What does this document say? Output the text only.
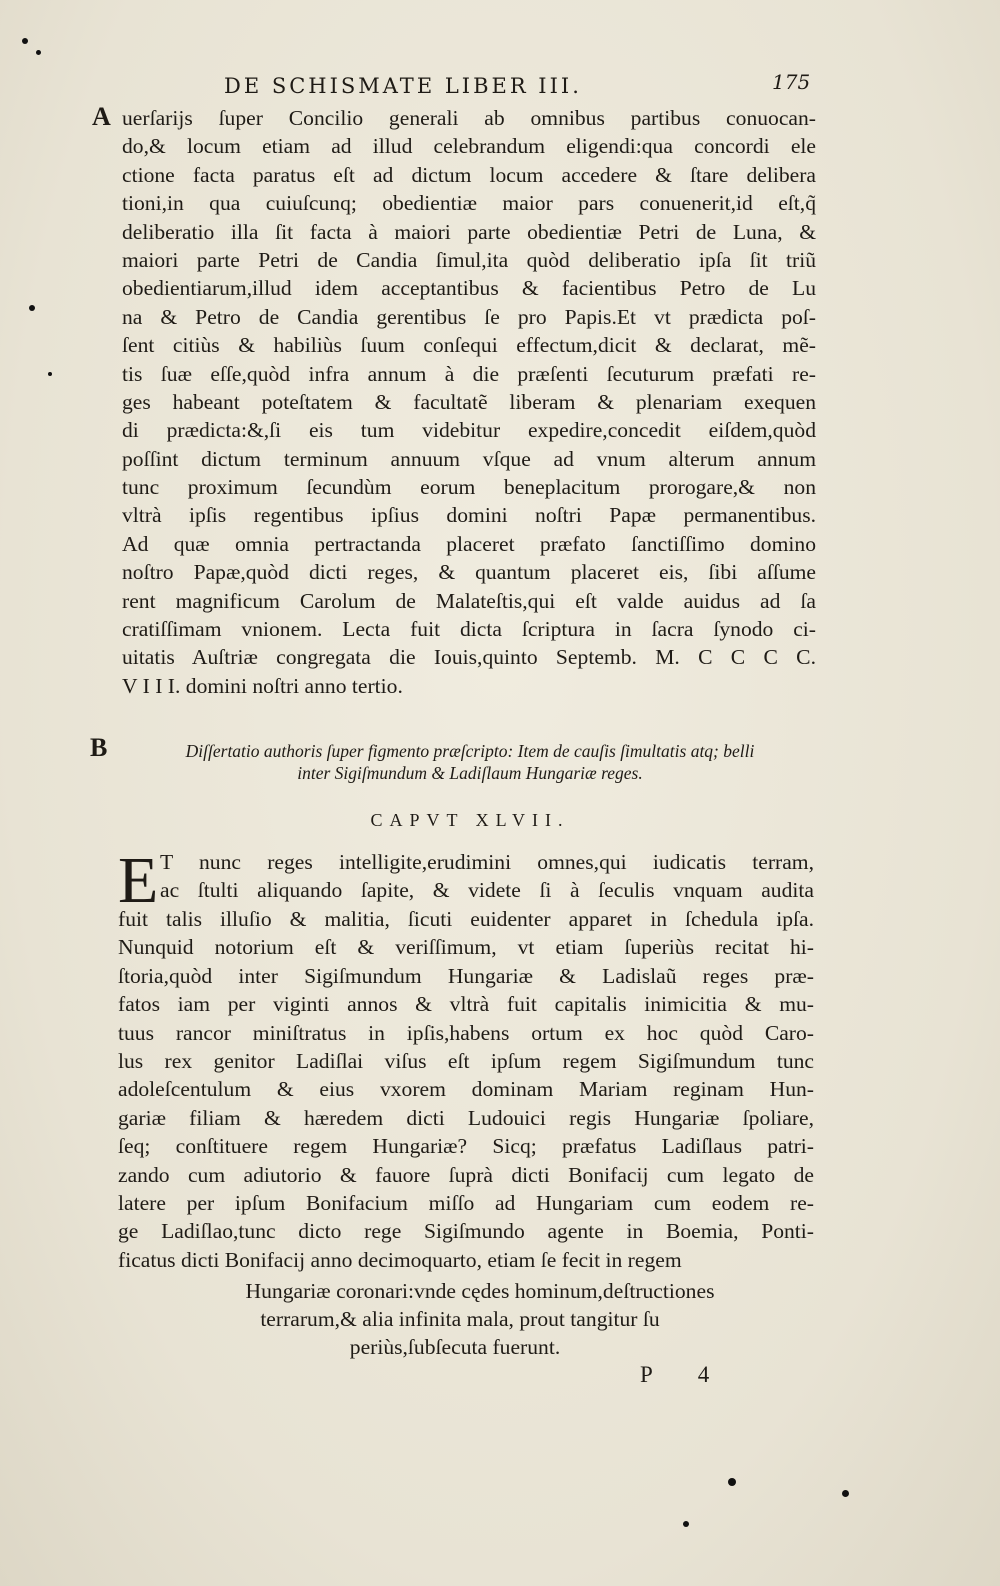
DE SCHISMATE LIBER III.	175
A uerſarijs ſuper Concilio generali ab omnibus partibus conuocan-
do,& locum etiam ad illud celebrandum eligendi:qua concordi ele
ctione facta paratus eſt ad dictum locum accedere & ſtare delibera
tioni,in qua cuiuſcunq; obedientiæ maior pars conuenerit,id eſt,q̃
deliberatio illa ſit facta à maiori parte obedientiæ Petri de Luna, &
maiori parte Petri de Candia ſimul,ita quòd deliberatio ipſa ſit triũ
obedientiarum,illud idem acceptantibus & facientibus Petro de Lu
na & Petro de Candia gerentibus ſe pro Papis.Et vt prædicta poſ-
ſent citiùs & habiliùs ſuum conſequi effectum,dicit & declarat, mẽ-
tis ſuæ eſſe,quòd infra annum à die præſenti ſecuturum præfati re-
ges habeant poteſtatem & facultatẽ liberam & plenariam exequen
di prædicta:&,ſi eis tum videbitur expedire,concedit eiſdem,quòd
poſſint dictum terminum annuum vſque ad vnum alterum annum
tunc proximum ſecundùm eorum beneplacitum prorogare,& non
vltrà ipſis regentibus ipſius domini noſtri Papæ permanentibus.
Ad quæ omnia pertractanda placeret præfato ſanctiſſimo domino
noſtro Papæ,quòd dicti reges, & quantum placeret eis, ſibi aſſume
rent magnificum Carolum de Malateſtis,qui eſt valde auidus ad ſa
cratiſſimam vnionem. Lecta fuit dicta ſcriptura in ſacra ſynodo ci-
uitatis Auſtriæ congregata die Iouis,quinto Septemb. M. C C C C.
V I I I. domini noſtri anno tertio.
B	Diſſertatio authoris ſuper figmento præſcripto: Item de cauſis ſimultatis atq; belli
inter Sigiſmundum & Ladiſlaum Hungariæ reges.
CAPVT XLVII.
E T nunc reges intelligite,erudimini omnes,qui iudicatis terram,
ac ſtulti aliquando ſapite, & videte ſi à ſeculis vnquam audita
fuit talis illuſio & malitia, ſicuti euidenter apparet in ſchedula ipſa.
Nunquid notorium eſt & veriſſimum, vt etiam ſuperiùs recitat hi-
ſtoria,quòd inter Sigiſmundum Hungariæ & Ladislaũ reges præ-
fatos iam per viginti annos & vltrà fuit capitalis inimicitia & mu-
tuus rancor miniſtratus in ipſis,habens ortum ex hoc quòd Caro-
lus rex genitor Ladiſlai viſus eſt ipſum regem Sigiſmundum tunc
adoleſcentulum & eius vxorem dominam Mariam reginam Hun-
gariæ filiam & hæredem dicti Ludouici regis Hungariæ ſpoliare,
ſeq; conſtituere regem Hungariæ? Sicq; præfatus Ladiſlaus patri-
zando cum adiutorio & fauore ſuprà dicti Bonifacij cum legato de
latere per ipſum Bonifacium miſſo ad Hungariam cum eodem re-
ge Ladiſlao,tunc dicto rege Sigiſmundo agente in Boemia, Ponti-
ficatus dicti Bonifacij anno decimoquarto, etiam ſe fecit in regem
Hungariæ coronari:vnde cędes hominum,deſtructiones
terrarum,& alia infinita mala, prout tangitur ſu
periùs,ſubſecuta fuerunt.
P 4
